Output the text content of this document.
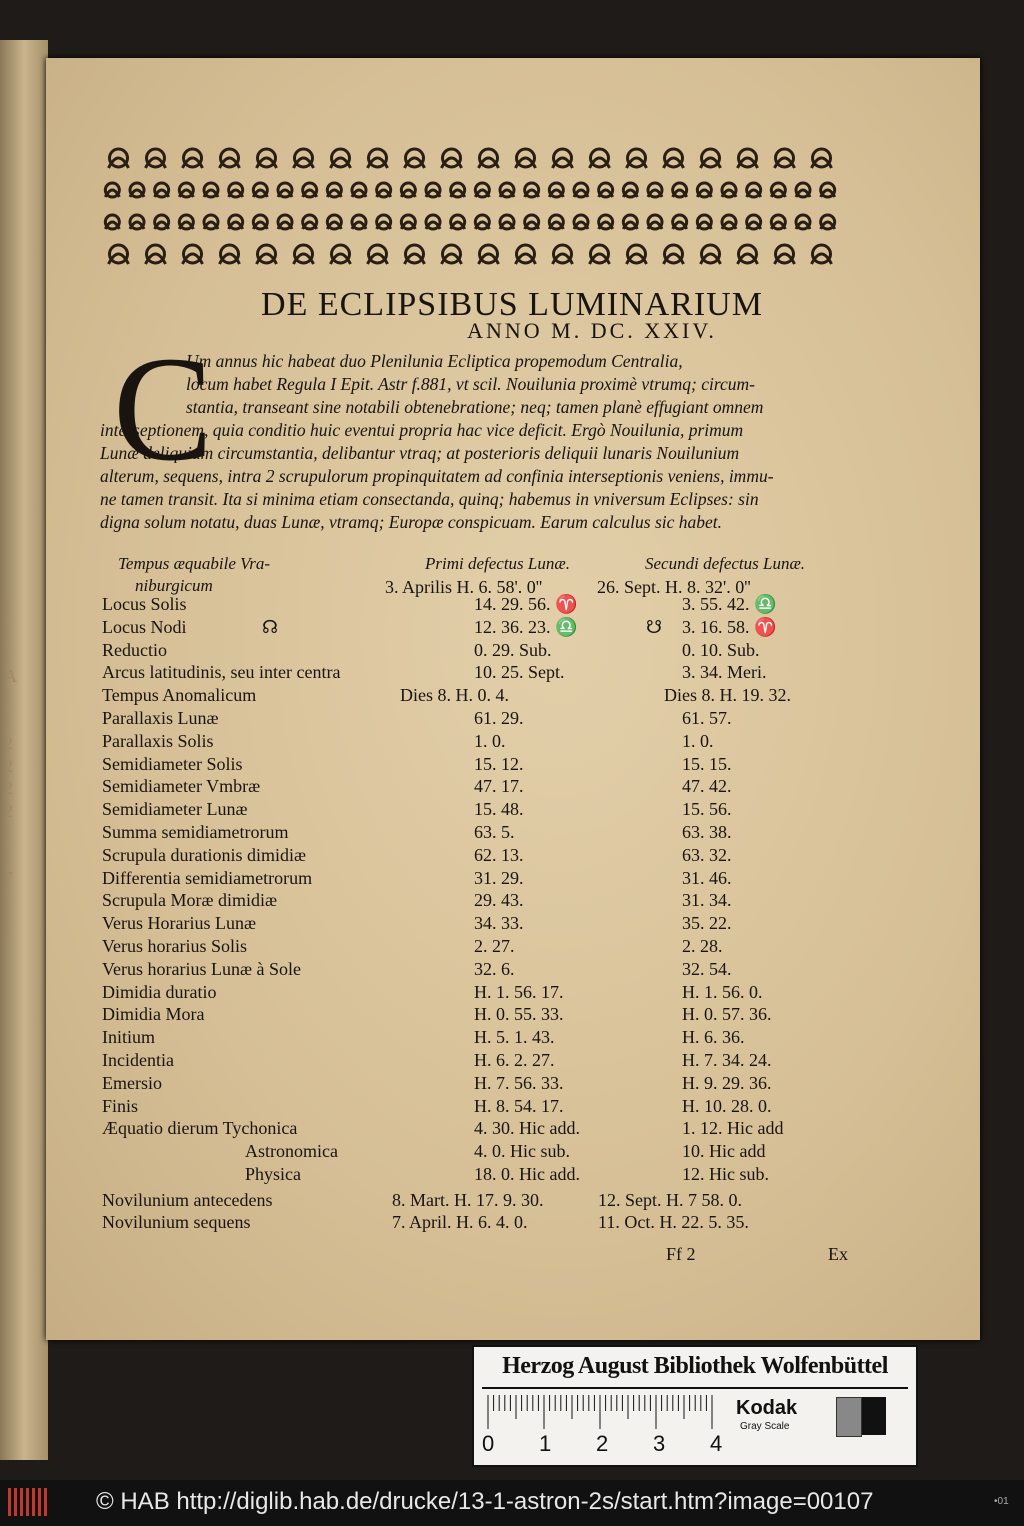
I
I
I
A
I
I
2
2
2
2
I
I
7
I
I
DE ECLIPSIBUS LUMINARIUM
ANNO M. DC. XXIV.
C
Um annus hic habeat duo Plenilunia Ecliptica propemodum Centralia,
locum habet Regula I Epit. Astr f.881, vt scil. Nouilunia proximè vtrumq; circum-
stantia, transeant sine notabili obtenebratione; neq; tamen planè effugiant omnem
interseptionem, quia conditio huic eventui propria hac vice deficit. Ergò Nouilunia, primum
Lunæ deliquium circumstantia, delibantur vtraq; at posterioris deliquii lunaris Nouilunium
alterum, sequens, intra 2 scrupulorum propinquitatem ad confinia interseptionis veniens, immu-
ne tamen transit. Ita si minima etiam consectanda, quinq; habemus in vniversum Eclipses: sin
digna solum notatu, duas Lunæ, vtramq; Europæ conspicuam. Earum calculus sic habet.
Tempus æquabile Vra-
niburgicum
Primi defectus Lunæ.	Secundi defectus Lunæ.
3. Aprilis H. 6. 58'. 0''	26. Sept. H. 8. 32'. 0''
Locus Solis	14. 29. 56. ♈	3. 55. 42. ♎
Locus Nodi	☊	12. 36. 23. ♎	☋ 3. 16. 58. ♈
Reductio	0. 29. Sub.	0. 10. Sub.
Arcus latitudinis, seu inter centra	10. 25. Sept.	3. 34. Meri.
Tempus Anomalicum	Dies 8. H. 0. 4.	Dies 8. H. 19. 32.
Parallaxis Lunæ	61. 29.	61. 57.
Parallaxis Solis	1. 0.	1. 0.
Semidiameter Solis	15. 12.	15. 15.
Semidiameter Vmbræ	47. 17.	47. 42.
Semidiameter Lunæ	15. 48.	15. 56.
Summa semidiametrorum	63. 5.	63. 38.
Scrupula durationis dimidiæ	62. 13.	63. 32.
Differentia semidiametrorum	31. 29.	31. 46.
Scrupula Moræ dimidiæ	29. 43.	31. 34.
Verus Horarius Lunæ	34. 33.	35. 22.
Verus horarius Solis	2. 27.	2. 28.
Verus horarius Lunæ à Sole	32. 6.	32. 54.
Dimidia duratio	H. 1. 56. 17.	H. 1. 56. 0.
Dimidia Mora	H. 0. 55. 33.	H. 0. 57. 36.
Initium	H. 5. 1. 43.	H. 6. 36.
Incidentia	H. 6. 2. 27.	H. 7. 34. 24.
Emersio	H. 7. 56. 33.	H. 9. 29. 36.
Finis	H. 8. 54. 17.	H. 10. 28. 0.
Æquatio dierum Tychonica	4. 30. Hic add.	1. 12. Hic add
Astronomica	4. 0. Hic sub.	10. Hic add
Physica	18. 0. Hic add.	12. Hic sub.
Novilunium antecedens	8. Mart. H. 17. 9. 30.	12. Sept. H. 7 58. 0.
Novilunium sequens	7. April. H. 6. 4. 0.	11. Oct. H. 22. 5. 35.
Ff 2	Ex
Herzog August Bibliothek Wolfenbüttel
0 1 2 3 4
Kodak
Gray Scale
© HAB http://diglib.hab.de/drucke/13-1-astron-2s/start.htm?image=00107	•01
